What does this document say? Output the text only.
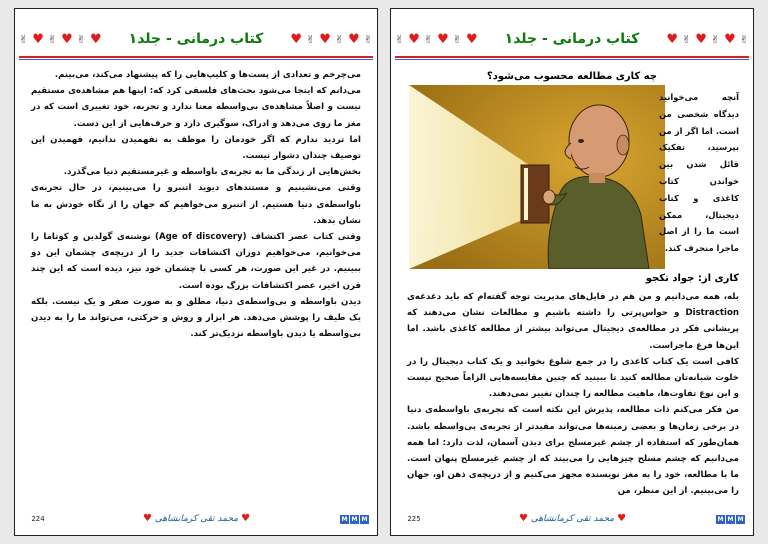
✌ ♥ ✌ ♥ ✌ ♥ کتاب درمانی - جلد۱ ♥ ✌ ♥ ✌ ♥ ✌

می‌چرخم و تعدادی از پست‌ها و کلیپ‌هایی را که پیشنهاد می‌کند، می‌بینم.

می‌دانم که اینجا می‌شود بحث‌های فلسفی کرد که: اینها هم مشاهده‌ی مستقیم نیست و اصلاً مشاهده‌ی بی‌واسطه معنا ندارد و تجربه، خود تغییری است که در مغز ما روی می‌دهد و ادراک، سوگیری دارد و حرف‌هایی از این دست.

اما تردید ندارم که اگر خودمان را موظف به نفهمیدن ندانیم، فهمیدن این توصیف چندان دشوار نیست.

بخش‌هایی از زندگی ما به تجربه‌ی باواسطه و غیرمستقیم دنیا می‌گذرد.

وقتی می‌نشینیم و مستندهای دیوید اتنبرو را می‌بینیم، در حال تجربه‌ی باواسطه‌ی دنیا هستیم. از اتنبرو می‌خواهیم که جهان را از نگاه خودش به ما نشان بدهد.

وقتی کتاب عصر اکتشاف (Age of discovery) نوشته‌ی گولدین و کوتاما را می‌خوانیم، می‌خواهیم دوران اکتشافات جدید را از دریچه‌ی چشمان این دو ببینیم. در غیر این صورت، هر کسی با چشمان خود نیز، دیده است که این چند قرن اخیر، عصر اکتشافات بزرگ بوده است.

دیدن باواسطه و بی‌واسطه‌ی دنیا، مطلق و به صورت صفر و یک نیست. بلکه یک طیف را پوشش می‌دهد. هر ابزار و روش و حرکتی، می‌تواند ما را به دیدن بی‌واسطه یا دیدن باواسطه نزدیک‌تر کند.

224	♥
محمد تقی کرمانشاهی
♥	M M M
✌ ♥ ✌ ♥ ✌ ♥ کتاب درمانی - جلد۱ ♥ ✌ ♥ ✌ ♥ ✌
چه کاری مطالعه محسوب می‌شود؟
آنچه می‌خوانید دیدگاه شخصی من است. اما اگر از من بپرسید، تفکیک قائل شدن بین خواندن کتاب کاغذی و کتاب دیجیتال، ممکن است ما را از اصل ماجرا منحرف کند.
کاری از: جواد تکجو

بله، همه می‌دانیم و من هم در فایل‌های مدیریت توجه گفته‌ام که باید دغدغه‌ی Distraction و حواس‌پرتی را داشته باشیم و مطالعات نشان می‌دهند که پریشانی فکر در مطالعه‌ی دیجیتال می‌تواند بیشتر از مطالعه کاغذی باشد. اما این‌ها فرع ماجراست.

کافی است یک کتاب کاغذی را در جمع شلوغ بخوانید و یک کتاب دیجیتال را در خلوت شبانه‌تان مطالعه کنید تا ببینید که چنین مقایسه‌هایی الزاماً صحیح نیست و این نوع تفاوت‌ها، ماهیت مطالعه را چندان تغییر نمی‌دهند.

من فکر می‌کنم ذات مطالعه، پذیرش این نکته است که تجربه‌ی باواسطه‌ی دنیا در برخی زمان‌ها و بعضی زمینه‌ها می‌تواند مفیدتر از تجربه‌ی بی‌واسطه باشد. همان‌طور که استفاده از چشم غیرمسلح برای دیدن آسمان، لذت دارد: اما همه می‌دانیم که چشم مسلح چیزهایی را می‌بیند که از چشم غیرمسلح پنهان است. ما با مطالعه، خود را به مغز نویسنده مجهز می‌کنیم و از دریچه‌ی ذهن او، جهان را می‌بینیم. از این منظر، من

225	♥
محمد تقی کرمانشاهی
♥	M M M
